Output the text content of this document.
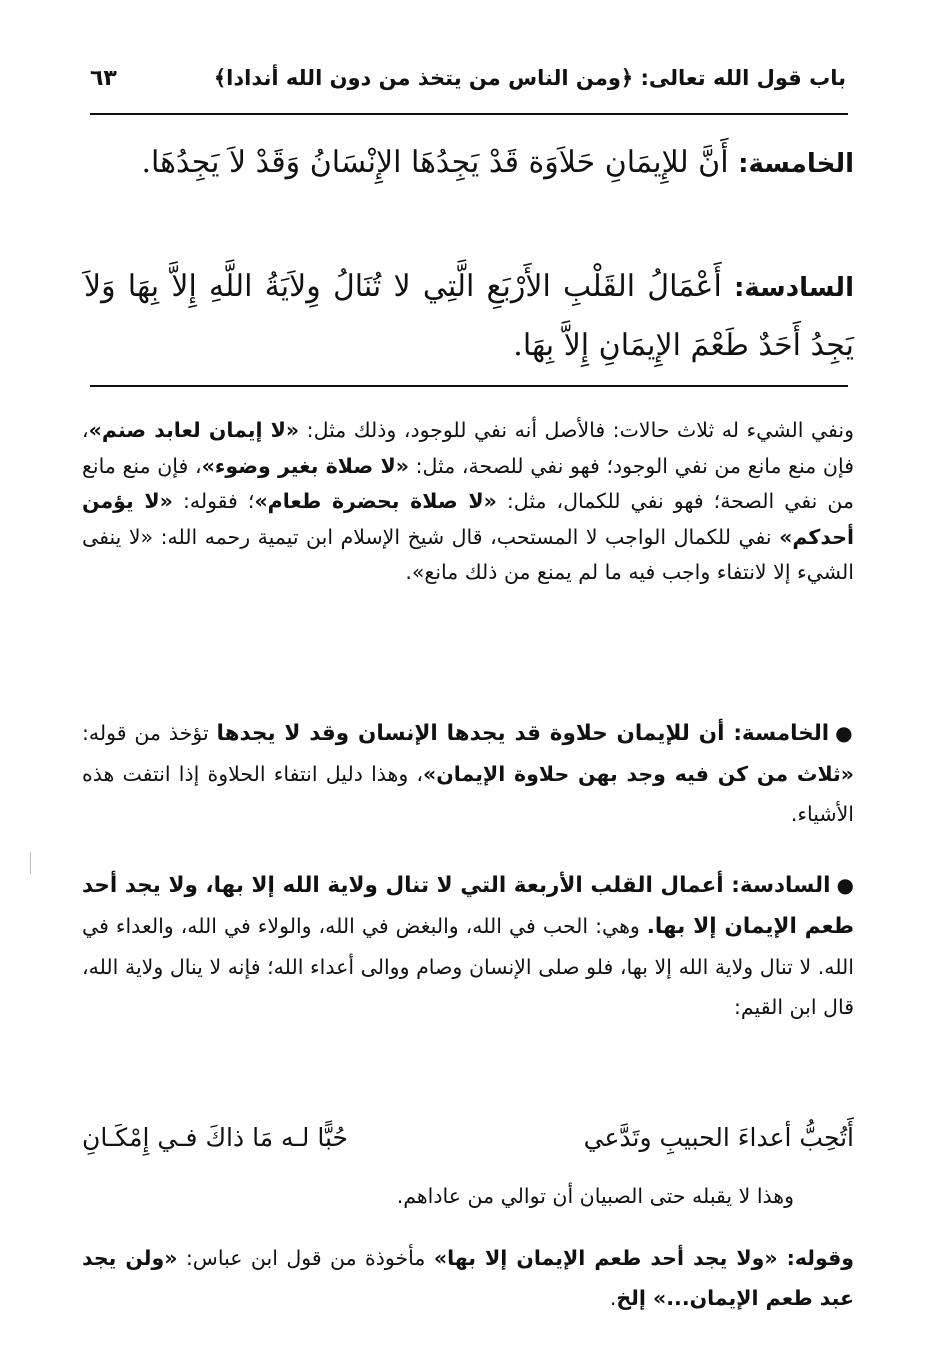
باب قول الله تعالى: ﴿ومن الناس من يتخذ من دون الله أندادا﴾
٦٣
الخامسة: أَنَّ للإِيمَانِ حَلاَوَة قَدْ يَجِدُهَا الإِنْسَانُ وَقَدْ لاَ يَجِدُهَا.
السادسة: أَعْمَالُ القَلْبِ الأَرْبَعِ الَّتِي لا تُنَالُ وِلاَيَةُ اللَّهِ إِلاَّ بِهَا وَلاَ يَجِدُ أَحَدٌ طَعْمَ الإِيمَانِ إِلاَّ بِهَا.
ونفي الشيء له ثلاث حالات: فالأصل أنه نفي للوجود، وذلك مثل: «لا إيمان لعابد صنم»، فإن منع مانع من نفي الوجود؛ فهو نفي للصحة، مثل: «لا صلاة بغير وضوء»، فإن منع مانع من نفي الصحة؛ فهو نفي للكمال، مثل: «لا صلاة بحضرة طعام»؛ فقوله: «لا يؤمن أحدكم» نفي للكمال الواجب لا المستحب، قال شيخ الإسلام ابن تيمية رحمه الله: «لا ينفى الشيء إلا لانتفاء واجب فيه ما لم يمنع من ذلك مانع».
●الخامسة: أن للإيمان حلاوة قد يجدها الإنسان وقد لا يجدها تؤخذ من قوله: «ثلاث من كن فيه وجد بهن حلاوة الإيمان»، وهذا دليل انتفاء الحلاوة إذا انتفت هذه الأشياء.
●السادسة: أعمال القلب الأربعة التي لا تنال ولاية الله إلا بها، ولا يجد أحد طعم الإيمان إلا بها. وهي: الحب في الله، والبغض في الله، والولاء في الله، والعداء في الله. لا تنال ولاية الله إلا بها، فلو صلى الإنسان وصام ووالى أعداء الله؛ فإنه لا ينال ولاية الله، قال ابن القيم:
أَتُحِبُّ أعداءَ الحبيبِ وتَدَّعي
حُبًّا لـه مَا ذاكَ فـي إِمْكَـانِ
وهذا لا يقبله حتى الصبيان أن توالي من عاداهم.
وقوله: «ولا يجد أحد طعم الإيمان إلا بها» مأخوذة من قول ابن عباس: «ولن يجد عبد طعم الإيمان...» إلخ.
